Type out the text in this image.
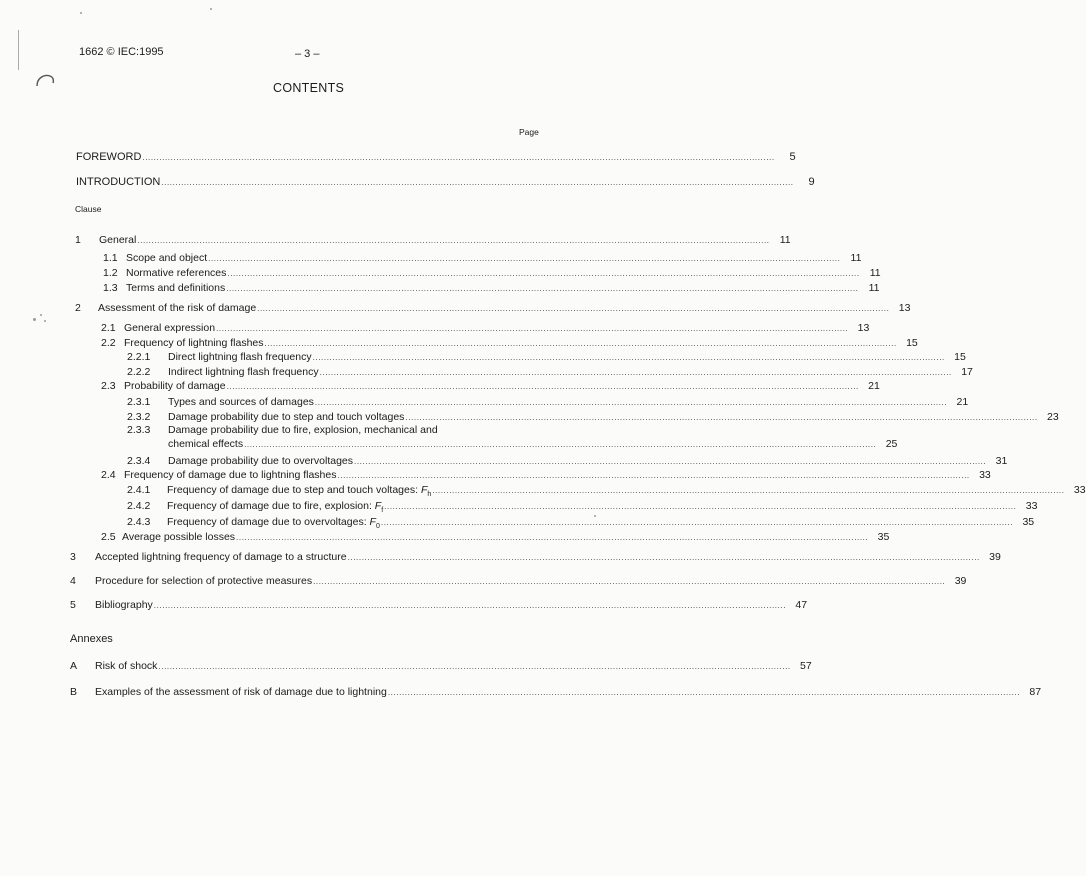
1662 © IEC:1995	– 3 –
CONTENTS
Page
FOREWORD ................................................................................................................................................................................................................................	5
INTRODUCTION ................................................................................................................................................................................................................................	9
Clause
1	General ................................................................................................................................................................................................................................ 11
1.1 Scope and object ................................................................................................................................................................................................................................ 11
1.2 Normative references ................................................................................................................................................................................................................................ 11
1.3 Terms and definitions ................................................................................................................................................................................................................................ 11
2	Assessment of the risk of damage ................................................................................................................................................................................................................................ 13
2.1 General expression ................................................................................................................................................................................................................................ 13
2.2 Frequency of lightning flashes ................................................................................................................................................................................................................................ 15
2.2.1	Direct lightning flash frequency ................................................................................................................................................................................................................................ 15
2.2.2	Indirect lightning flash frequency ................................................................................................................................................................................................................................ 17
2.3 Probability of damage ................................................................................................................................................................................................................................ 21
2.3.1	Types and sources of damages ................................................................................................................................................................................................................................ 21
2.3.2	Damage probability due to step and touch voltages ................................................................................................................................................................................................................................ 23
2.3.3 Damage probability due to fire, explosion, mechanical and
chemical effects ................................................................................................................................................................................................................................ 25
2.3.4	Damage probability due to overvoltages ................................................................................................................................................................................................................................ 31
2.4 Frequency of damage due to lightning flashes ................................................................................................................................................................................................................................ 33
2.4.1	Frequency of damage due to step and touch voltages: $F_h$ ................................................................................................................................................................................................................................ 33
2.4.2	Frequency of damage due to fire, explosion: $F_f$ ................................................................................................................................................................................................................................ 33
2.4.3	Frequency of damage due to overvoltages: $F_0$ ................................................................................................................................................................................................................................ 35
2.5 Average possible losses ................................................................................................................................................................................................................................ 35
3	Accepted lightning frequency of damage to a structure ................................................................................................................................................................................................................................ 39
4	Procedure for selection of protective measures ................................................................................................................................................................................................................................ 39
5	Bibliography ................................................................................................................................................................................................................................ 47
Annexes
A	Risk of shock ................................................................................................................................................................................................................................ 57
B	Examples of the assessment of risk of damage due to lightning ................................................................................................................................................................................................................................ 87
